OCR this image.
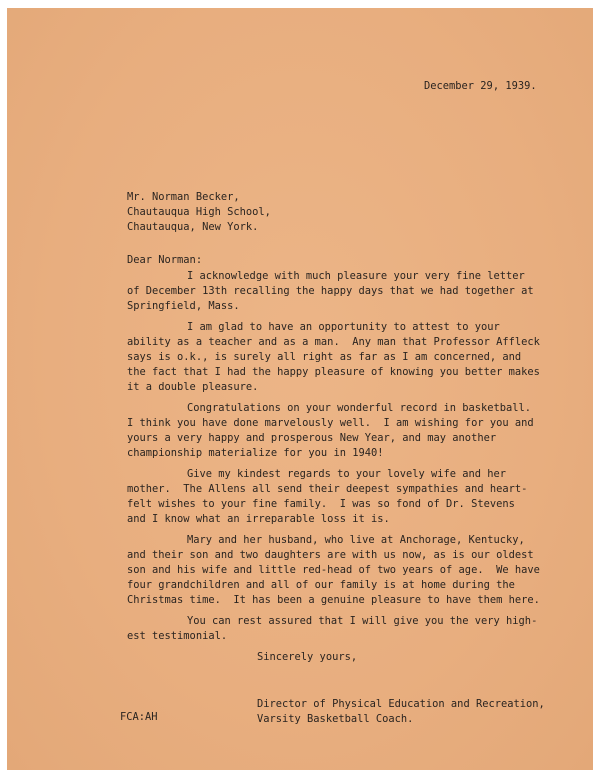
December 29, 1939.
Mr. Norman Becker,
Chautauqua High School,
Chautauqua, New York.
Dear Norman:
I acknowledge with much pleasure your very fine letter
of December 13th recalling the happy days that we had together at
Springfield, Mass.
I am glad to have an opportunity to attest to your
ability as a teacher and as a man.  Any man that Professor Affleck
says is o.k., is surely all right as far as I am concerned, and
the fact that I had the happy pleasure of knowing you better makes
it a double pleasure.
Congratulations on your wonderful record in basketball.
I think you have done marvelously well.  I am wishing for you and
yours a very happy and prosperous New Year, and may another
championship materialize for you in 1940!
Give my kindest regards to your lovely wife and her
mother.  The Allens all send their deepest sympathies and heart-
felt wishes to your fine family.  I was so fond of Dr. Stevens
and I know what an irreparable loss it is.
Mary and her husband, who live at Anchorage, Kentucky,
and their son and two daughters are with us now, as is our oldest
son and his wife and little red-head of two years of age.  We have
four grandchildren and all of our family is at home during the
Christmas time.  It has been a genuine pleasure to have them here.
You can rest assured that I will give you the very high-
est testimonial.
Sincerely yours,
Director of Physical Education and Recreation,
FCA:AH	Varsity Basketball Coach.
